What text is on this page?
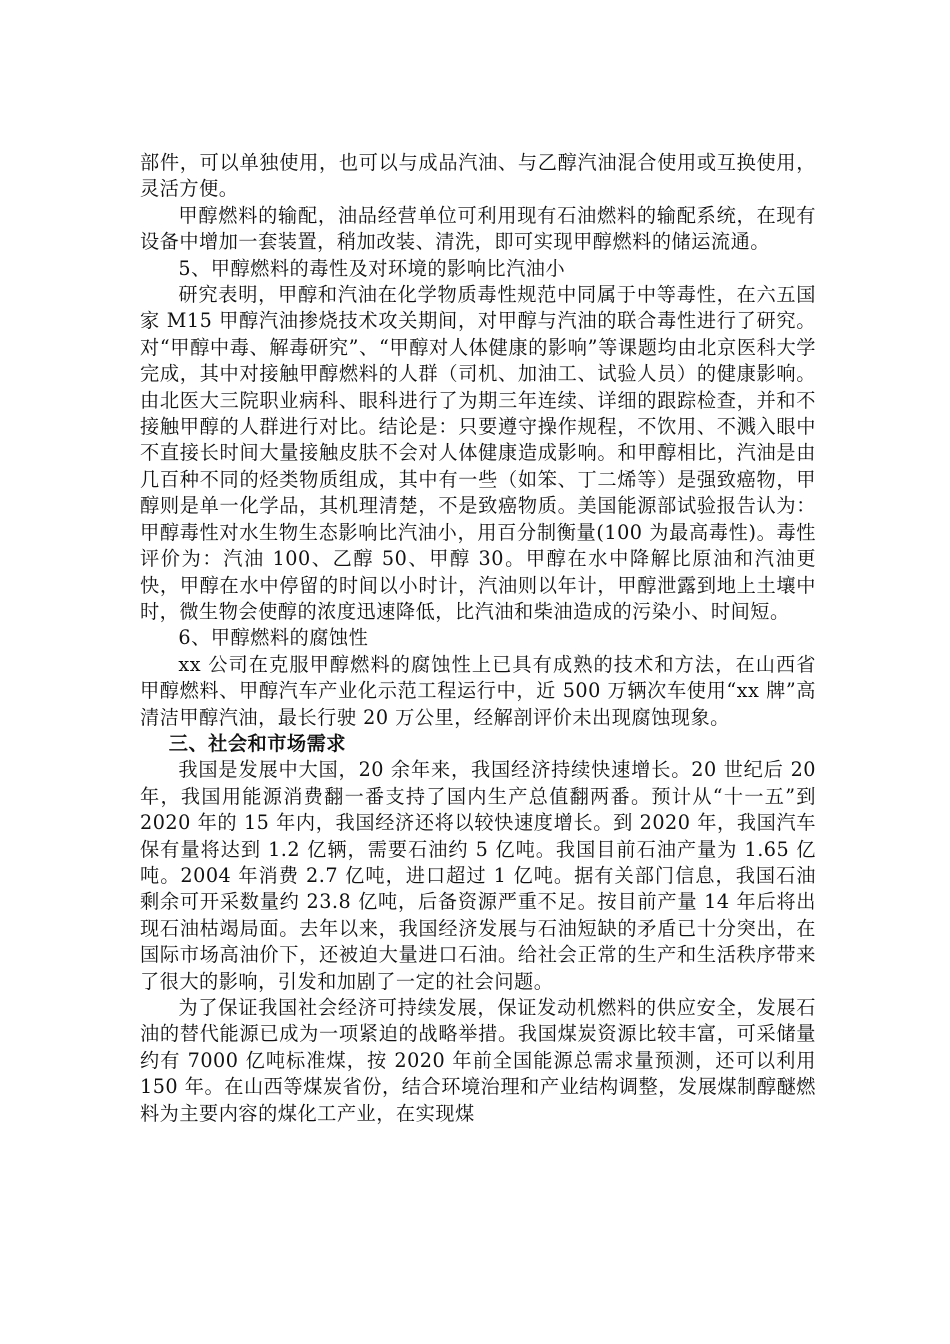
部件，可以单独使用，也可以与成品汽油、与乙醇汽油混合使用或互换使用，灵活方便。

甲醇燃料的输配，油品经营单位可利用现有石油燃料的输配系统，在现有设备中增加一套装置，稍加改装、清洗，即可实现甲醇燃料的储运流通。

5、甲醇燃料的毒性及对环境的影响比汽油小

研究表明，甲醇和汽油在化学物质毒性规范中同属于中等毒性，在六五国家 M15 甲醇汽油掺烧技术攻关期间，对甲醇与汽油的联合毒性进行了研究。对“甲醇中毒、解毒研究”、“甲醇对人体健康的影响”等课题均由北京医科大学完成，其中对接触甲醇燃料的人群（司机、加油工、试验人员）的健康影响。由北医大三院职业病科、眼科进行了为期三年连续、详细的跟踪检查，并和不接触甲醇的人群进行对比。结论是：只要遵守操作规程，不饮用、不溅入眼中不直接长时间大量接触皮肤不会对人体健康造成影响。和甲醇相比，汽油是由几百种不同的烃类物质组成，其中有一些（如笨、丁二烯等）是强致癌物，甲醇则是单一化学品，其机理清楚，不是致癌物质。美国能源部试验报告认为：甲醇毒性对水生物生态影响比汽油小，用百分制衡量(100 为最高毒性)。毒性评价为：汽油 100、乙醇 50、甲醇 30。甲醇在水中降解比原油和汽油更快，甲醇在水中停留的时间以小时计，汽油则以年计，甲醇泄露到地上土壤中时，微生物会使醇的浓度迅速降低，比汽油和柴油造成的污染小、时间短。

6、甲醇燃料的腐蚀性

xx 公司在克服甲醇燃料的腐蚀性上已具有成熟的技术和方法，在山西省甲醇燃料、甲醇汽车产业化示范工程运行中，近 500 万辆次车使用“xx 牌”高清洁甲醇汽油，最长行驶 20 万公里，经解剖评价未出现腐蚀现象。

三、社会和市场需求

我国是发展中大国，20 余年来，我国经济持续快速增长。20 世纪后 20 年，我国用能源消费翻一番支持了国内生产总值翻两番。预计从“十一五”到 2020 年的 15 年内，我国经济还将以较快速度增长。到 2020 年，我国汽车保有量将达到 1.2 亿辆，需要石油约 5 亿吨。我国目前石油产量为 1.65 亿吨。2004 年消费 2.7 亿吨，进口超过 1 亿吨。据有关部门信息，我国石油剩余可开采数量约 23.8 亿吨，后备资源严重不足。按目前产量 14 年后将出现石油枯竭局面。去年以来，我国经济发展与石油短缺的矛盾已十分突出，在国际市场高油价下，还被迫大量进口石油。给社会正常的生产和生活秩序带来了很大的影响，引发和加剧了一定的社会问题。

为了保证我国社会经济可持续发展，保证发动机燃料的供应安全，发展石油的替代能源已成为一项紧迫的战略举措。我国煤炭资源比较丰富，可采储量约有 7000 亿吨标准煤，按 2020 年前全国能源总需求量预测，还可以利用 150 年。在山西等煤炭省份，结合环境治理和产业结构调整，发展煤制醇醚燃料为主要内容的煤化工产业，在实现煤
